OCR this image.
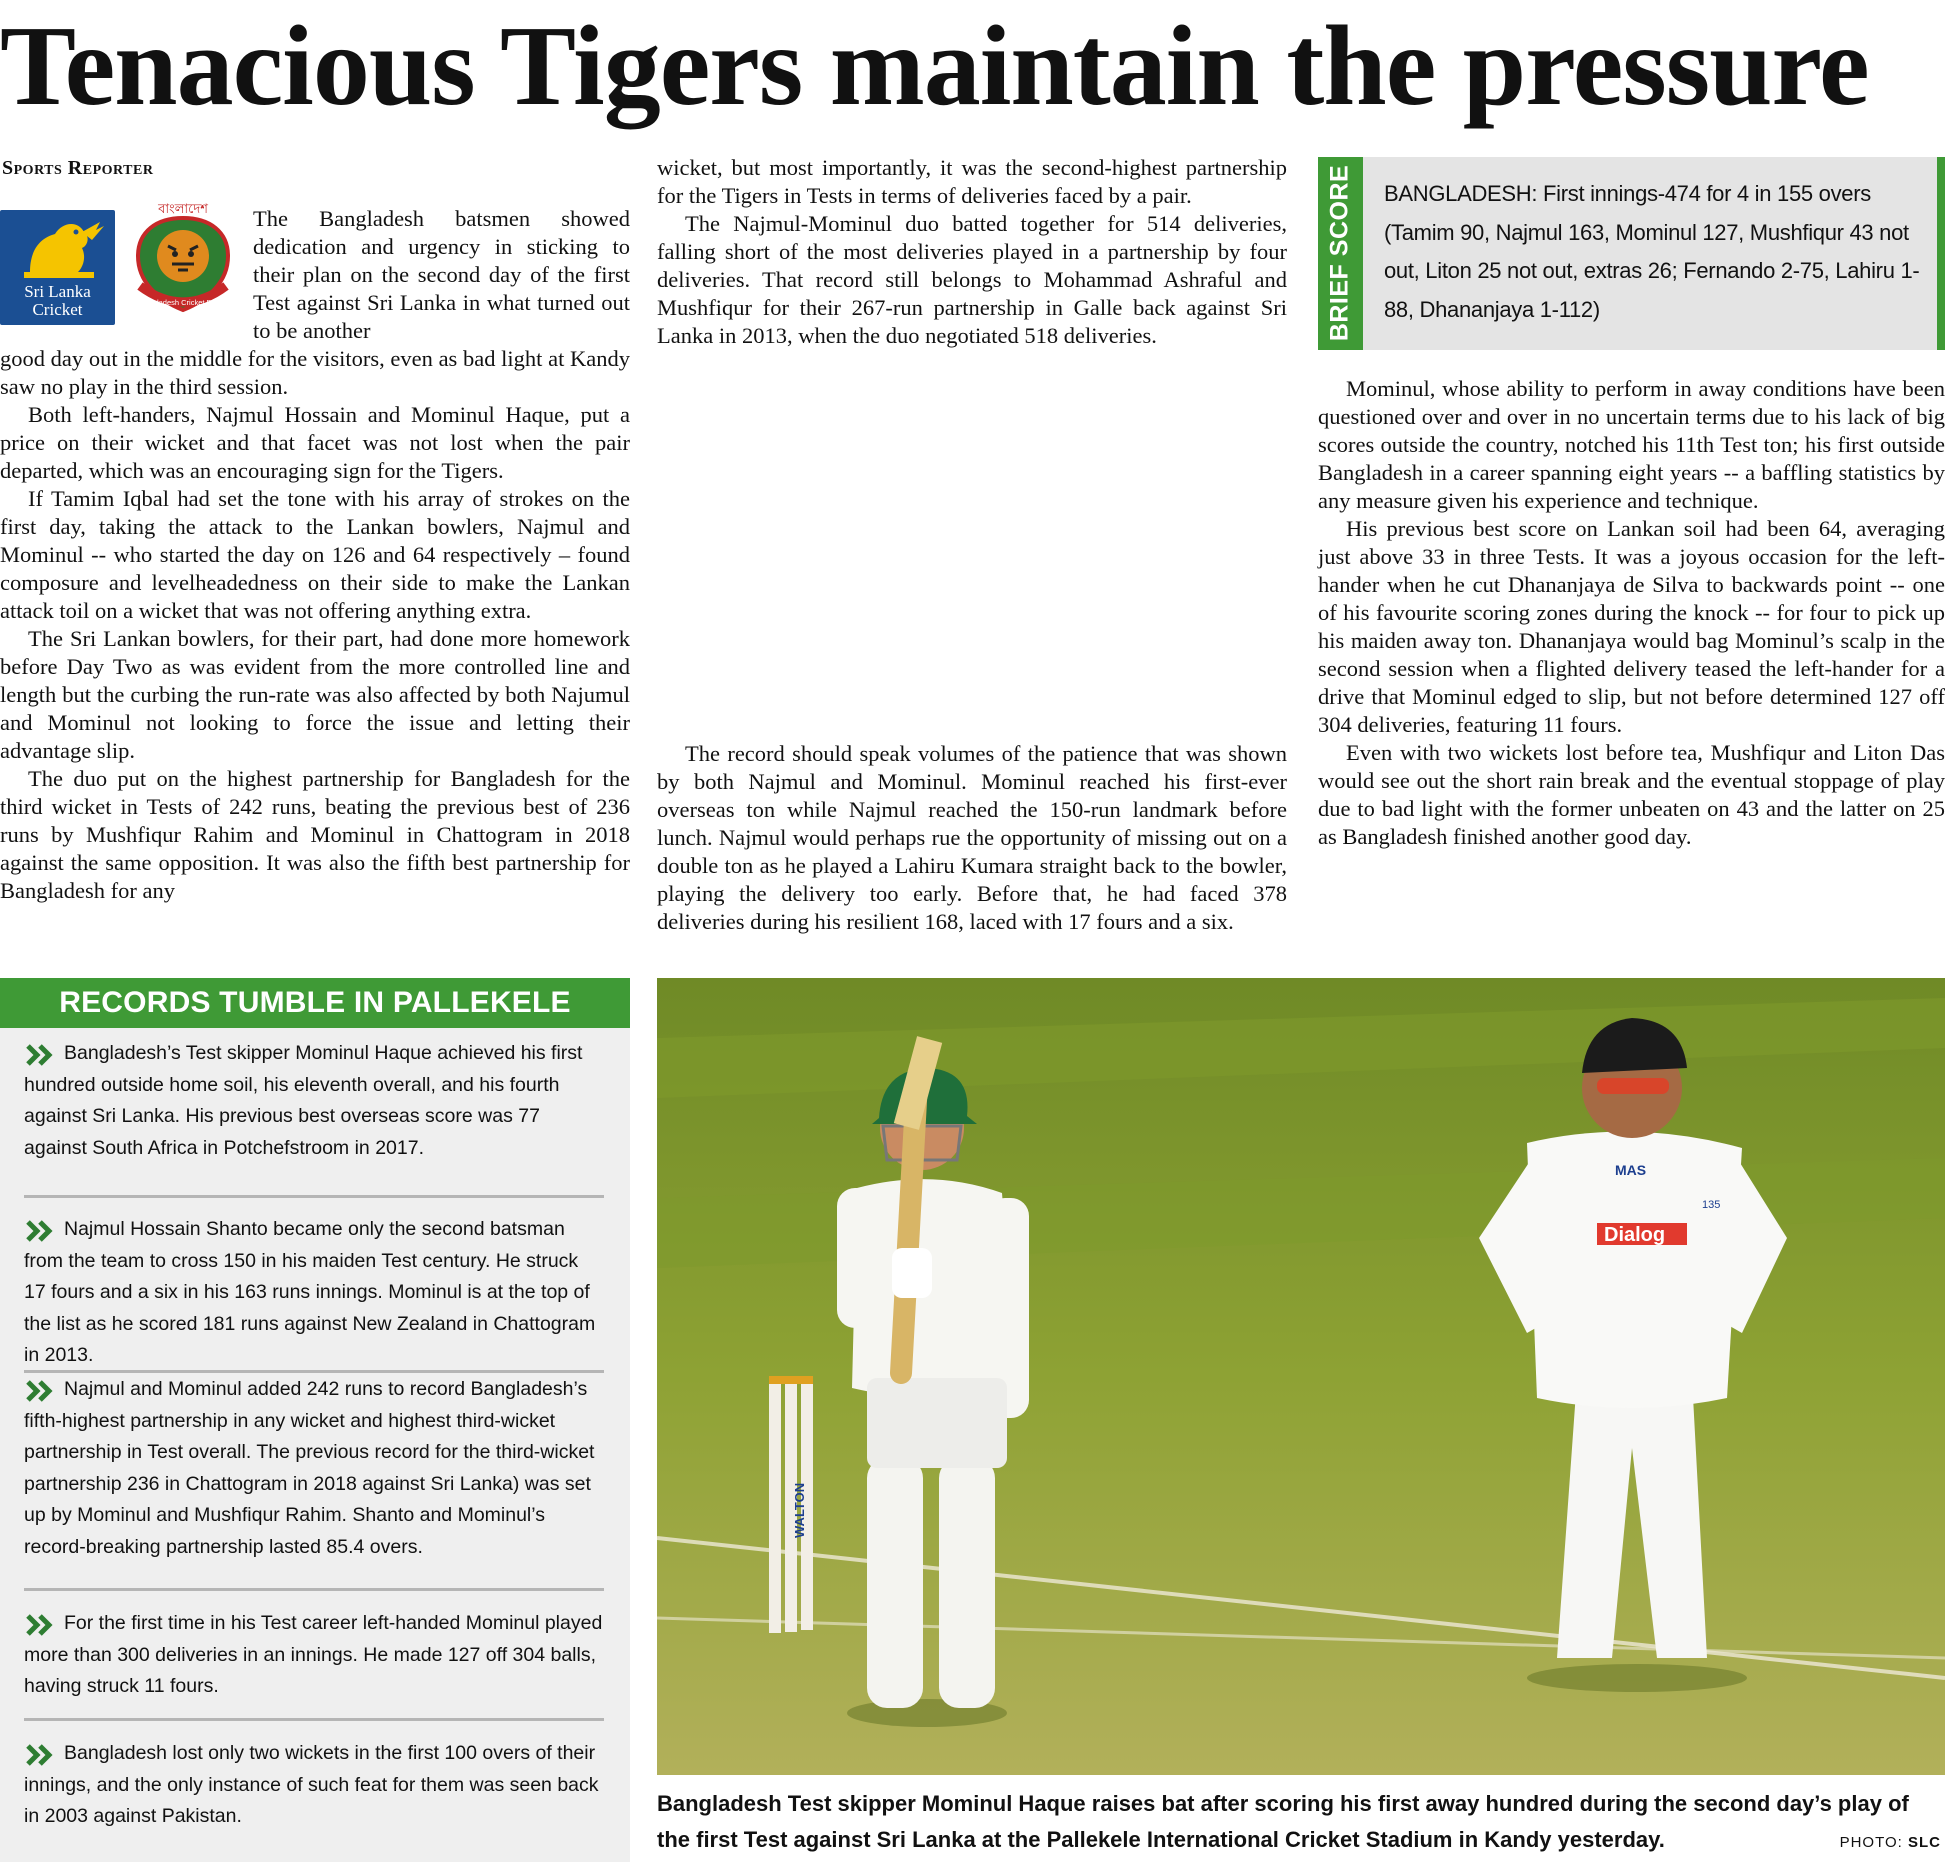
Tenacious Tigers maintain the pressure
Sports Reporter
Sri Lanka Cricket
বাংলাদেশ
Bangladesh Cricket Board
The Bangladesh batsmen showed dedication and urgency in sticking to their plan on the second day of the first Test against Sri Lanka in what turned out to be another

good day out in the middle for the visitors, even as bad light at Kandy saw no play in the third session.

Both left-handers, Najmul Hossain and Mominul Haque, put a price on their wicket and that facet was not lost when the pair departed, which was an encouraging sign for the Tigers.

If Tamim Iqbal had set the tone with his array of strokes on the first day, taking the attack to the Lankan bowlers, Najmul and Mominul -- who started the day on 126 and 64 respectively – found composure and levelheadedness on their side to make the Lankan attack toil on a wicket that was not offering anything extra.

The Sri Lankan bowlers, for their part, had done more homework before Day Two as was evident from the more controlled line and length but the curbing the run-rate was also affected by both Najumul and Mominul not looking to force the issue and letting their advantage slip.

The duo put on the highest partnership for Bangladesh for the third wicket in Tests of 242 runs, beating the previous best of 236 runs by Mushfiqur Rahim and Mominul in Chattogram in 2018 against the same opposition. It was also the fifth best partnership for Bangladesh for any

wicket, but most importantly, it was the second-highest partnership for the Tigers in Tests in terms of deliveries faced by a pair.

The Najmul-Mominul duo batted together for 514 deliveries, falling short of the most deliveries played in a partnership by four deliveries. That record still belongs to Mohammad Ashraful and Mushfiqur for their 267-run partnership in Galle back against Sri Lanka in 2013, when the duo negotiated 518 deliveries.

The record should speak volumes of the patience that was shown by both Najmul and Mominul. Mominul reached his first-ever overseas ton while Najmul reached the 150-run landmark before lunch. Najmul would perhaps rue the opportunity of missing out on a double ton as he played a Lahiru Kumara straight back to the bowler, playing the delivery too early. Before that, he had faced 378 deliveries during his resilient 168, laced with 17 fours and a six.

BRIEF SCORE BANGLADESH: First innings-474 for 4 in 155 overs (Tamim 90, Najmul 163, Mominul 127, Mushfiqur 43 not out, Liton 25 not out, extras 26; Fernando 2-75, Lahiru 1-88, Dhananjaya 1-112)

Mominul, whose ability to perform in away conditions have been questioned over and over in no uncertain terms due to his lack of big scores outside the country, notched his 11th Test ton; his first outside Bangladesh in a career spanning eight years -- a baffling statistics by any measure given his experience and technique.

His previous best score on Lankan soil had been 64, averaging just above 33 in three Tests. It was a joyous occasion for the left-hander when he cut Dhananjaya de Silva to backwards point -- one of his favourite scoring zones during the knock -- for four to pick up his maiden away ton. Dhananjaya would bag Mominul’s scalp in the second session when a flighted delivery teased the left-hander for a drive that Mominul edged to slip, but not before determined 127 off 304 deliveries, featuring 11 fours.

Even with two wickets lost before tea, Mushfiqur and Liton Das would see out the short rain break and the eventual stoppage of play due to bad light with the former unbeaten on 43 and the latter on 25 as Bangladesh finished another good day.

RECORDS TUMBLE IN PALLEKELE
Bangladesh’s Test skipper Mominul Haque achieved his first hundred outside home soil, his eleventh overall, and his fourth against Sri Lanka. His previous best overseas score was 77 against South Africa in Potchefstroom in 2017.
Najmul Hossain Shanto became only the second batsman from the team to cross 150 in his maiden Test century. He struck 17 fours and a six in his 163 runs innings. Mominul is at the top of the list as he scored 181 runs against New Zealand in Chattogram in 2013.
Najmul and Mominul added 242 runs to record Bangladesh’s fifth-highest partnership in any wicket and highest third-wicket partnership in Test overall. The previous record for the third-wicket partnership 236 in Chattogram in 2018 against Sri Lanka) was set up by Mominul and Mushfiqur Rahim. Shanto and Mominul’s record-breaking partnership lasted 85.4 overs.
For the first time in his Test career left-handed Mominul played more than 300 deliveries in an innings. He made 127 off 304 balls, having struck 11 fours.
Bangladesh lost only two wickets in the first 100 overs of their innings, and the only instance of such feat for them was seen back in 2003 against Pakistan.
WALTON
Dialog
MAS
135
Bangladesh Test skipper Mominul Haque raises bat after scoring his first away hundred during the second day’s play of the first Test against Sri Lanka at the Pallekele International Cricket Stadium in Kandy yesterday.	PHOTO: SLC
